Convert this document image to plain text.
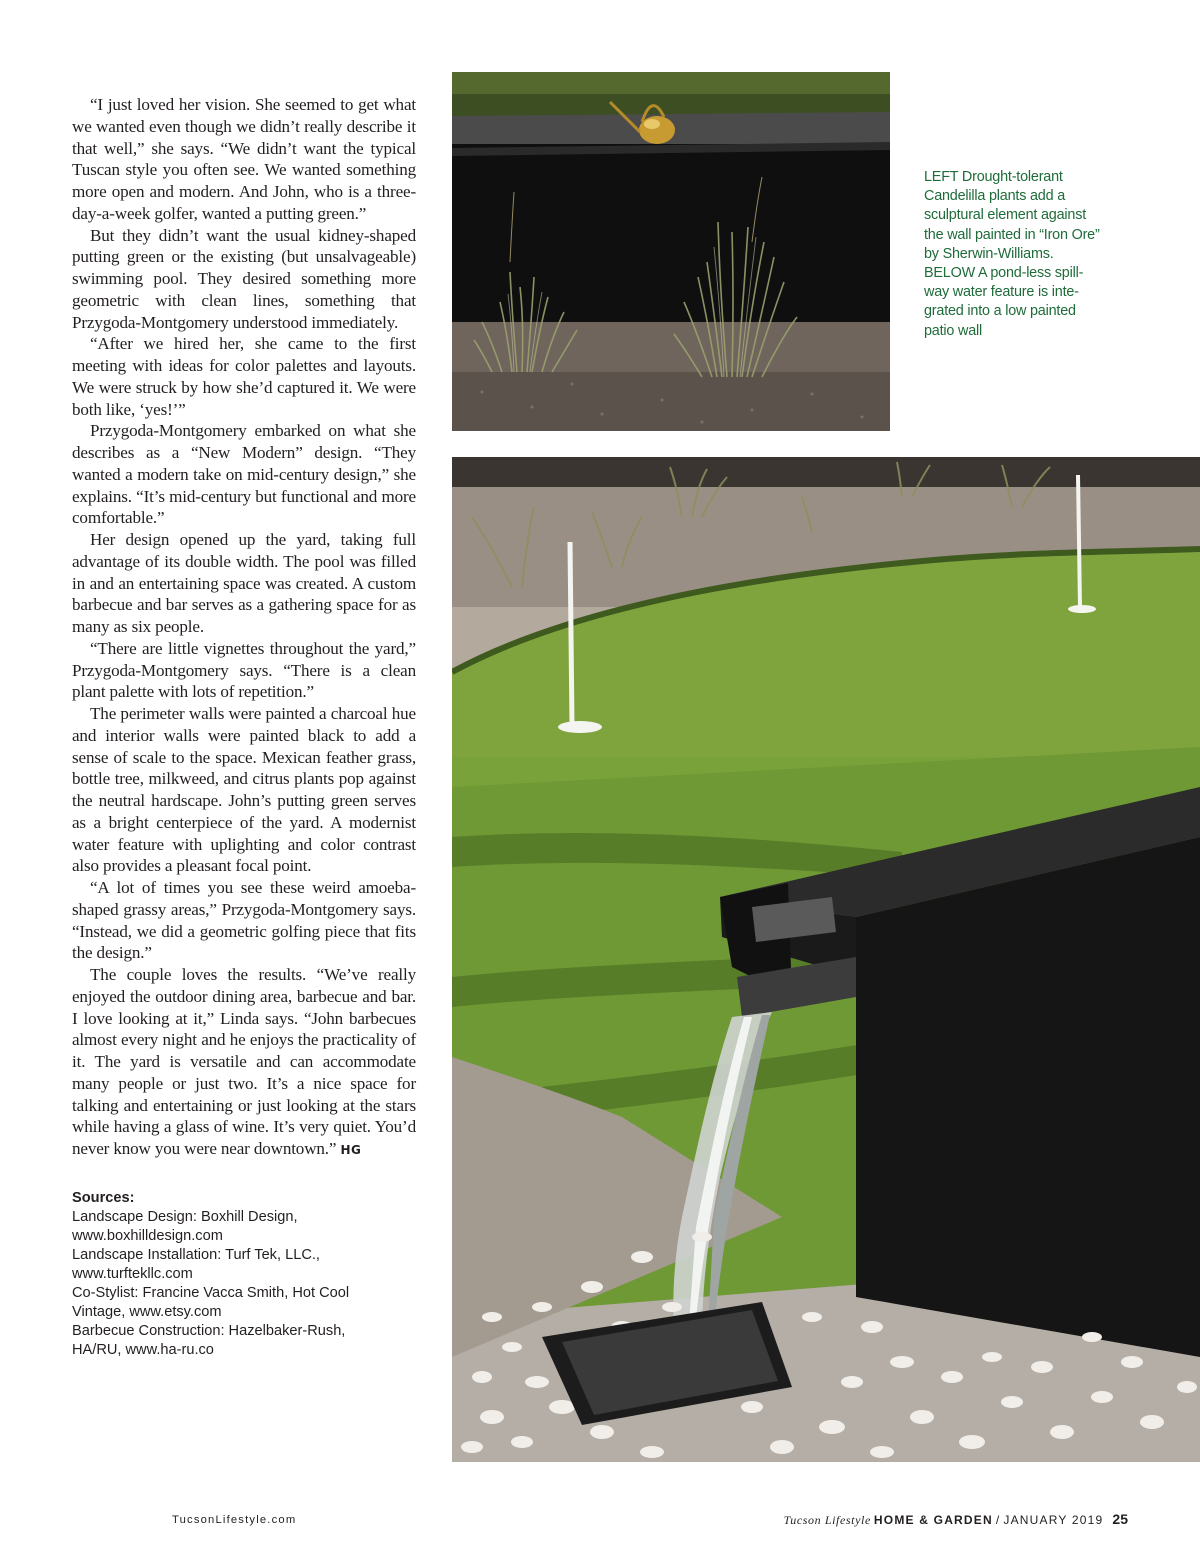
“I just loved her vision. She seemed to get what we wanted even though we didn’t really describe it that well,” she says. “We didn’t want the typical Tuscan style you often see. We wanted something more open and modern. And John, who is a three-day-a-week golfer, wanted a putting green.”

But they didn’t want the usual kidney-shaped putting green or the existing (but unsalvageable) swimming pool. They desired something more geometric with clean lines, something that Przygoda-Montgomery understood immediately.

“After we hired her, she came to the first meeting with ideas for color palettes and layouts. We were struck by how she’d captured it. We were both like, ‘yes!’”

Przygoda-Montgomery embarked on what she describes as a “New Modern” design. “They wanted a modern take on mid-century design,” she explains. “It’s mid-century but functional and more comfortable.”

Her design opened up the yard, taking full advantage of its double width. The pool was filled in and an entertaining space was created. A custom barbecue and bar serves as a gathering space for as many as six people.

“There are little vignettes throughout the yard,” Przygoda-Montgomery says. “There is a clean plant palette with lots of repetition.”

The perimeter walls were painted a charcoal hue and interior walls were painted black to add a sense of scale to the space. Mexican feather grass, bottle tree, milkweed, and citrus plants pop against the neutral hardscape. John’s putting green serves as a bright centerpiece of the yard. A modernist water feature with uplighting and color contrast also provides a pleasant focal point.

“A lot of times you see these weird amoeba-shaped grassy areas,” Przygoda-Montgomery says. “Instead, we did a geometric golfing piece that fits the design.”

The couple loves the results. “We’ve really enjoyed the outdoor dining area, barbecue and bar. I love looking at it,” Linda says. “John barbecues almost every night and he enjoys the practicality of it. The yard is versatile and can accommodate many people or just two. It’s a nice space for talking and entertaining or just looking at the stars while having a glass of wine. It’s very quiet. You’d never know you were near downtown.” HG

Sources:
Landscape Design: Boxhill Design,
www.boxhilldesign.com
Landscape Installation: Turf Tek, LLC.,
www.turftekllc.com
Co-Stylist: Francine Vacca Smith, Hot Cool
Vintage, www.etsy.com
Barbecue Construction: Hazelbaker-Rush,
HA/RU, www.ha-ru.co
LEFT Drought-tolerant
Candelilla plants add a
sculptural element against
the wall painted in “Iron Ore”
by Sherwin-Williams.
BELOW A pond-less spill-
way water feature is inte-
grated into a low painted
patio wall
TucsonLifestyle.com	Tucson Lifestyle HOME & GARDEN / JANUARY 2019 25
